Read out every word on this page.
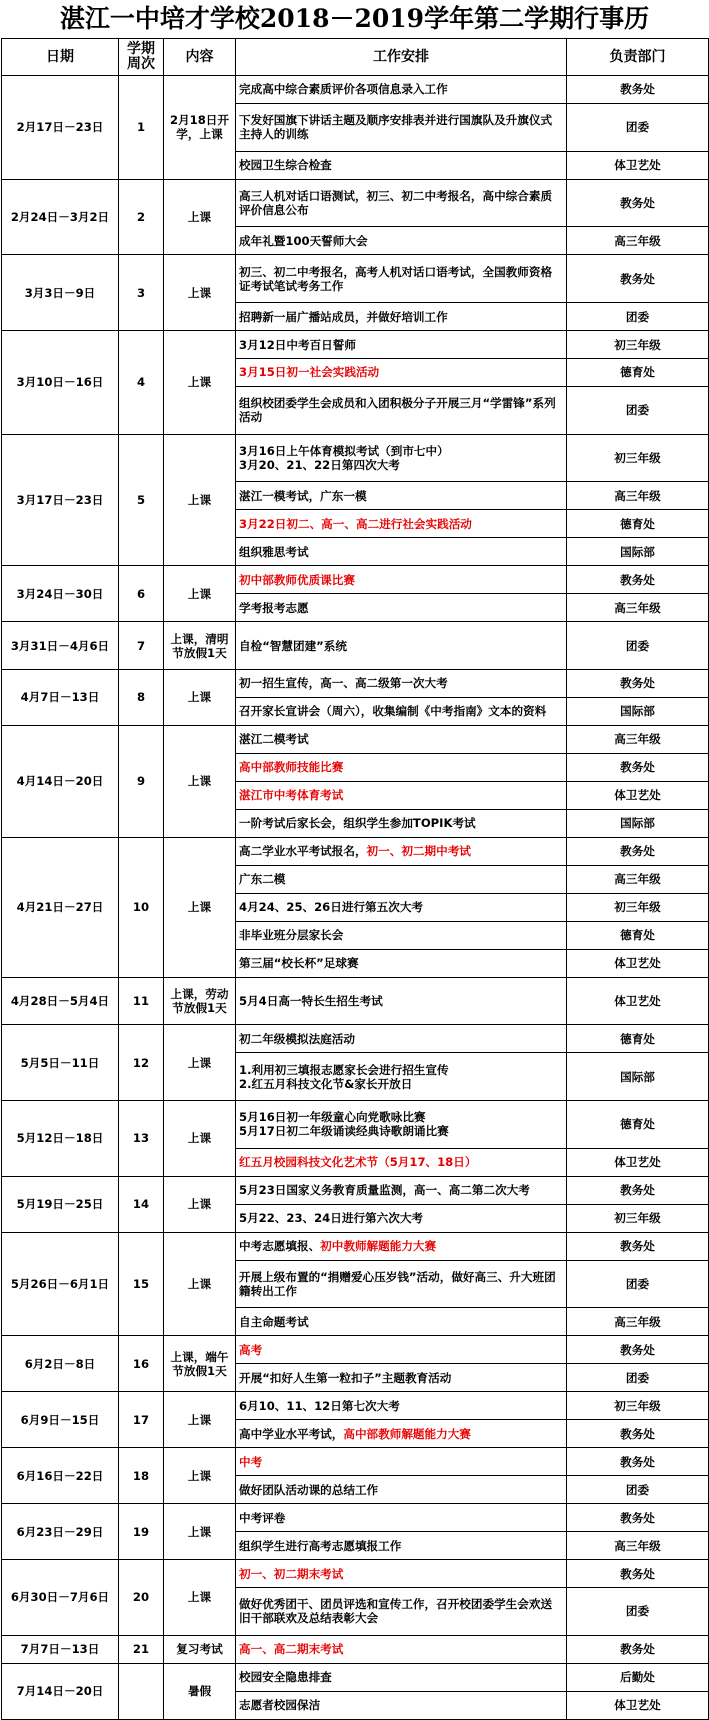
湛江一中培才学校2018－2019学年第二学期行事历
日期	学期周次	内容	工作安排	负责部门
2月17日－23日	1	2月18日开学，上课	完成高中综合素质评价各项信息录入工作	教务处
			下发好国旗下讲话主题及顺序安排表并进行国旗队及升旗仪式主持人的训练	团委
			校园卫生综合检查	体卫艺处
2月24日－3月2日	2	上课	高三人机对话口语测试，初三、初二中考报名，高中综合素质评价信息公布	教务处
			成年礼暨100天誓师大会	高三年级
3月3日－9日	3	上课	初三、初二中考报名，高考人机对话口语考试，全国教师资格证考试笔试考务工作	教务处
			招聘新一届广播站成员，并做好培训工作	团委
3月10日－16日	4	上课	3月12日中考百日誓师	初三年级
			3月15日初一社会实践活动	德育处
			组织校团委学生会成员和入团积极分子开展三月“学雷锋”系列活动	团委
3月17日－23日	5	上课	3月16日上午体育模拟考试（到市七中）
3月20、21、22日第四次大考	初三年级
			湛江一模考试，广东一模	高三年级
			3月22日初二、高一、高二进行社会实践活动	德育处
			组织雅思考试	国际部
3月24日－30日	6	上课	初中部教师优质课比赛	教务处
			学考报考志愿	高三年级
3月31日－4月6日	7	上课，清明节放假1天	自检“智慧团建”系统	团委
4月7日－13日	8	上课	初一招生宣传，高一、高二级第一次大考	教务处
			召开家长宣讲会（周六），收集编制《中考指南》文本的资料	国际部
4月14日－20日	9	上课	湛江二模考试	高三年级
			高中部教师技能比赛	教务处
			湛江市中考体育考试	体卫艺处
			一阶考试后家长会，组织学生参加TOPIK考试	国际部
4月21日－27日	10	上课	高二学业水平考试报名，初一、初二期中考试	教务处
			广东二模	高三年级
			4月24、25、26日进行第五次大考	初三年级
			非毕业班分层家长会	德育处
			第三届“校长杯”足球赛	体卫艺处
4月28日－5月4日	11	上课，劳动节放假1天	5月4日高一特长生招生考试	体卫艺处
5月5日－11日	12	上课	初二年级模拟法庭活动	德育处
			1.利用初三填报志愿家长会进行招生宣传
2.红五月科技文化节&家长开放日	国际部
5月12日－18日	13	上课	5月16日初一年级童心向党歌咏比赛
5月17日初二年级诵读经典诗歌朗诵比赛	德育处
			红五月校园科技文化艺术节（5月17、18日）	体卫艺处
5月19日－25日	14	上课	5月23日国家义务教育质量监测，高一、高二第二次大考	教务处
			5月22、23、24日进行第六次大考	初三年级
5月26日－6月1日	15	上课	中考志愿填报、初中教师解题能力大赛	教务处
			开展上级布置的“捐赠爱心压岁钱”活动，做好高三、升大班团籍转出工作	团委
			自主命题考试	高三年级
6月2日－8日	16	上课，端午节放假1天	高考	教务处
			开展“扣好人生第一粒扣子”主题教育活动	团委
6月9日－15日	17	上课	6月10、11、12日第七次大考	初三年级
			高中学业水平考试，高中部教师解题能力大赛	教务处
6月16日－22日	18	上课	中考	教务处
			做好团队活动课的总结工作	团委
6月23日－29日	19	上课	中考评卷	教务处
			组织学生进行高考志愿填报工作	高三年级
6月30日－7月6日	20	上课	初一、初二期末考试	教务处
			做好优秀团干、团员评选和宣传工作，召开校团委学生会欢送旧干部联欢及总结表彰大会	团委
7月7日－13日	21	复习考试	高一、高二期末考试	教务处
7月14日－20日		暑假	校园安全隐患排查	后勤处
			志愿者校园保洁	体卫艺处
